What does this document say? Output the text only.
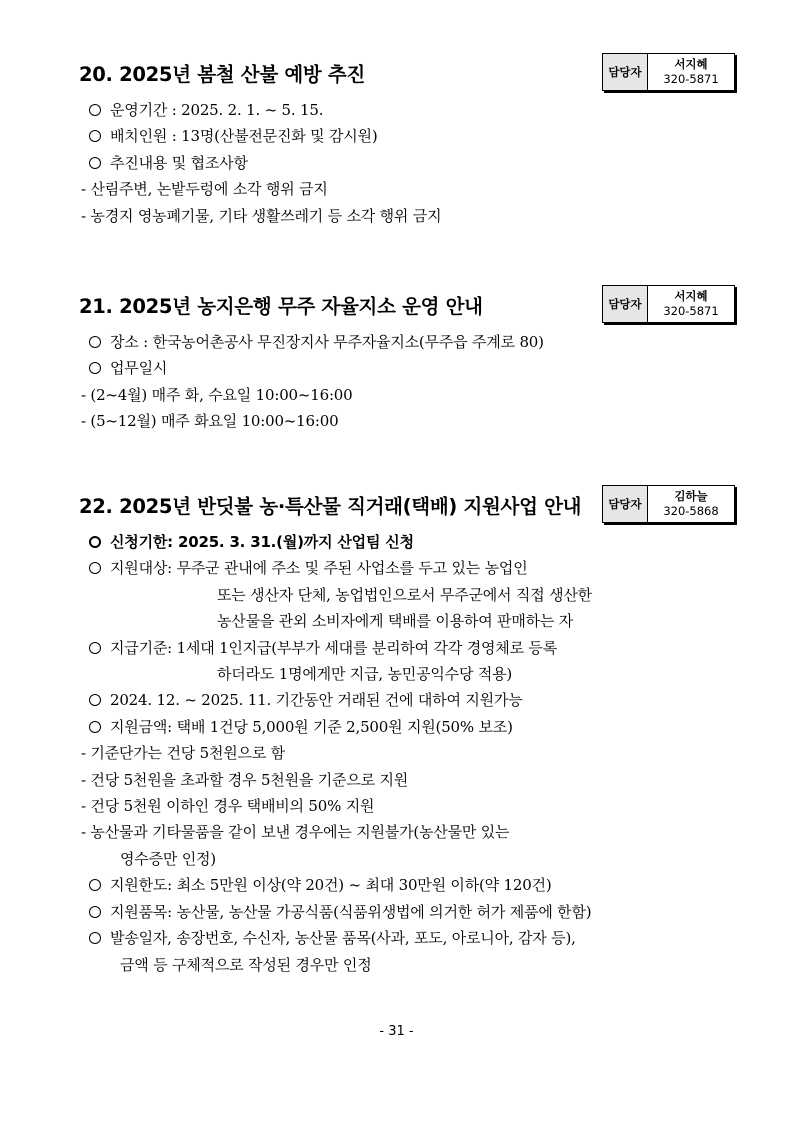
20. 2025년 봄철 산불 예방 추진	담당자
서지혜
320-5871
운영기간 : 2025. 2. 1. ~ 5. 15.
배치인원 : 13명(산불전문진화 및 감시원)
추진내용 및 협조사항
- 산림주변, 논밭두렁에 소각 행위 금지
- 농경지 영농폐기물, 기타 생활쓰레기 등 소각 행위 금지
21. 2025년 농지은행 무주 자율지소 운영 안내	담당자
서지혜
320-5871
장소 : 한국농어촌공사 무진장지사 무주자율지소(무주읍 주계로 80)
업무일시
- (2~4월) 매주 화, 수요일 10:00~16:00
- (5~12월) 매주 화요일 10:00~16:00
22. 2025년 반딧불 농·특산물 직거래(택배) 지원사업 안내	담당자
김하늘
320-5868
신청기한: 2025. 3. 31.(월)까지 산업팀 신청
지원대상: 무주군 관내에 주소 및 주된 사업소를 두고 있는 농업인
또는 생산자 단체, 농업법인으로서 무주군에서 직접 생산한
농산물을 관외 소비자에게 택배를 이용하여 판매하는 자
지급기준: 1세대 1인지급(부부가 세대를 분리하여 각각 경영체로 등록
하더라도 1명에게만 지급, 농민공익수당 적용)
2024. 12. ~ 2025. 11. 기간동안 거래된 건에 대하여 지원가능
지원금액: 택배 1건당 5,000원 기준 2,500원 지원(50% 보조)
- 기준단가는 건당 5천원으로 함
- 건당 5천원을 초과할 경우 5천원을 기준으로 지원
- 건당 5천원 이하인 경우 택배비의 50% 지원
- 농산물과 기타물품을 같이 보낸 경우에는 지원불가(농산물만 있는
영수증만 인정)
지원한도: 최소 5만원 이상(약 20건) ~ 최대 30만원 이하(약 120건)
지원품목: 농산물, 농산물 가공식품(식품위생법에 의거한 허가 제품에 한함)
발송일자, 송장번호, 수신자, 농산물 품목(사과, 포도, 아로니아, 감자 등),
금액 등 구체적으로 작성된 경우만 인정
- 31 -
